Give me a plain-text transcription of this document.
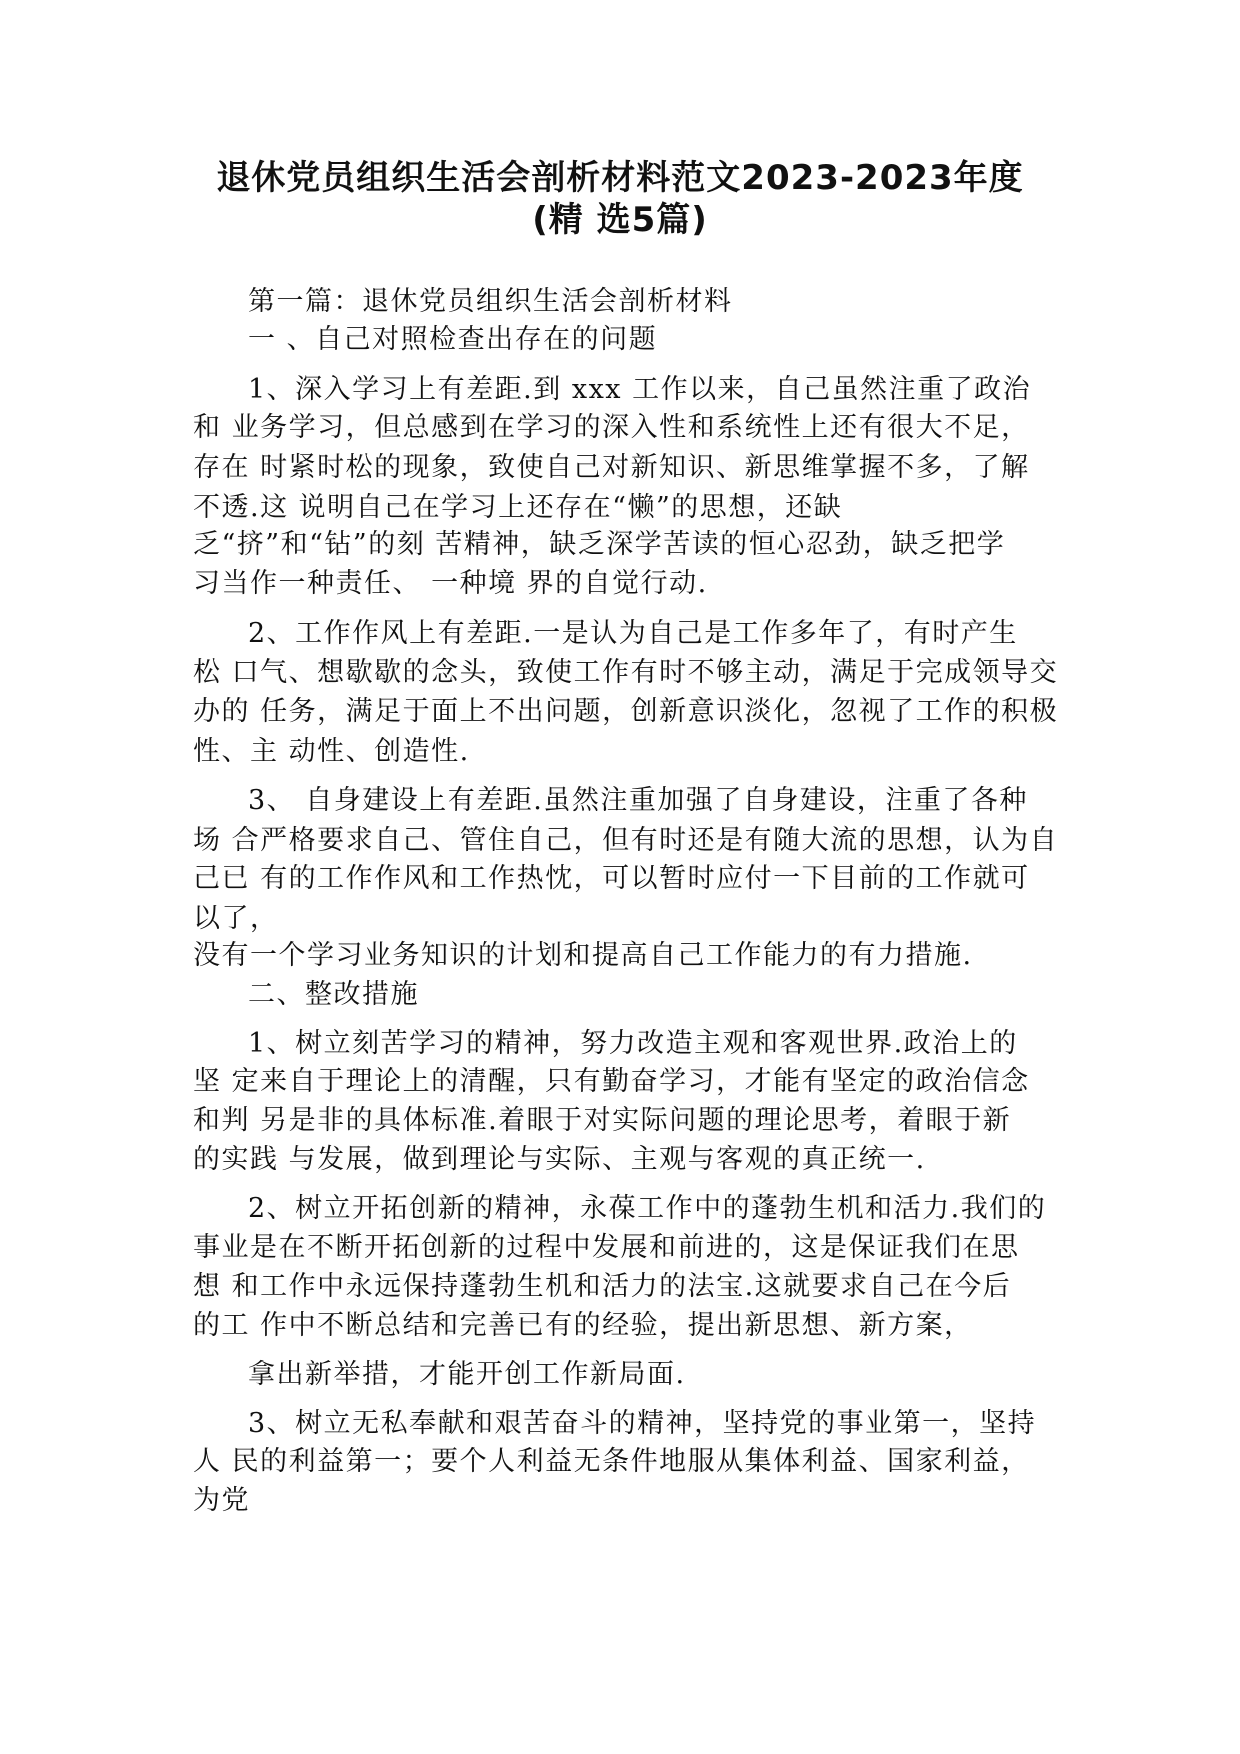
退休党员组织生活会剖析材料范文2023-2023年度
(精 选5篇)

第一篇：退休党员组织生活会剖析材料

一 、自己对照检查出存在的问题

1、深入学习上有差距.到 xxx 工作以来，自己虽然注重了政治

和 业务学习，但总感到在学习的深入性和系统性上还有很大不足，

存在 时紧时松的现象，致使自己对新知识、新思维掌握不多，了解

不透.这 说明自己在学习上还存在“懒”的思想，还缺

乏“挤”和“钻”的刻 苦精神，缺乏深学苦读的恒心忍劲，缺乏把学

习当作一种责任、 一种境 界的自觉行动.

2、工作作风上有差距.一是认为自己是工作多年了，有时产生

松 口气、想歇歇的念头，致使工作有时不够主动，满足于完成领导交

办的 任务，满足于面上不出问题，创新意识淡化，忽视了工作的积极

性、主 动性、创造性.

3、 自身建设上有差距.虽然注重加强了自身建设，注重了各种

场 合严格要求自己、管住自己，但有时还是有随大流的思想，认为自

己已 有的工作作风和工作热忱，可以暂时应付一下目前的工作就可

以了，

没有一个学习业务知识的计划和提高自己工作能力的有力措施.

二、整改措施

1、树立刻苦学习的精神，努力改造主观和客观世界.政治上的

坚 定来自于理论上的清醒，只有勤奋学习，才能有坚定的政治信念

和判 另是非的具体标准.着眼于对实际问题的理论思考，着眼于新

的实践 与发展，做到理论与实际、主观与客观的真正统一.

2、树立开拓创新的精神，永葆工作中的蓬勃生机和活力.我们的

事业是在不断开拓创新的过程中发展和前进的，这是保证我们在思

想 和工作中永远保持蓬勃生机和活力的法宝.这就要求自己在今后

的工 作中不断总结和完善已有的经验，提出新思想、新方案，

拿出新举措，才能开创工作新局面.

3、树立无私奉献和艰苦奋斗的精神，坚持党的事业第一，坚持

人 民的利益第一；要个人利益无条件地服从集体利益、国家利益，

为党
